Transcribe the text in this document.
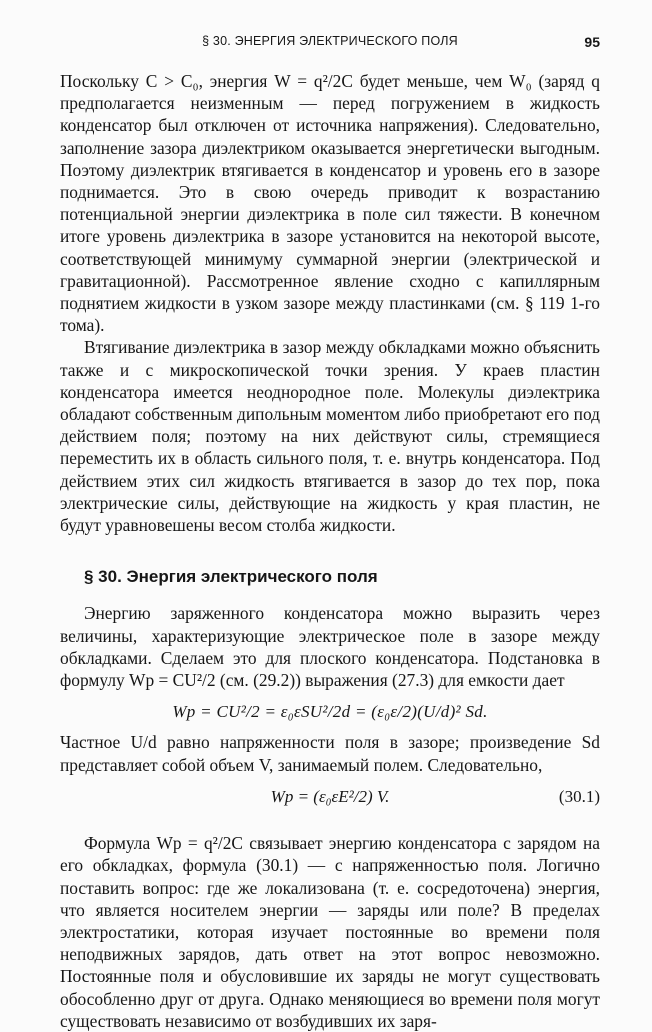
§ 30. ЭНЕРГИЯ ЭЛЕКТРИЧЕСКОГО ПОЛЯ	95

Поскольку C > C₀, энергия W = q²/2C будет меньше, чем W₀ (заряд q предполагается неизменным — перед погружением в жидкость конденсатор был отключен от источника напряжения). Следовательно, заполнение зазора диэлектриком оказывается энергетически выгодным. Поэтому диэлектрик втягивается в конденсатор и уровень его в зазоре поднимается. Это в свою очередь приводит к возрастанию потенциальной энергии диэлектрика в поле сил тяжести. В конечном итоге уровень диэлектрика в зазоре установится на некоторой высоте, соответствующей минимуму суммарной энергии (электрической и гравитационной). Рассмотренное явление сходно с капиллярным поднятием жидкости в узком зазоре между пластинками (см. § 119 1-го тома).

Втягивание диэлектрика в зазор между обкладками можно объяснить также и с микроскопической точки зрения. У краев пластин конденсатора имеется неоднородное поле. Молекулы диэлектрика обладают собственным дипольным моментом либо приобретают его под действием поля; поэтому на них действуют силы, стремящиеся переместить их в область сильного поля, т. е. внутрь конденсатора. Под действием этих сил жидкость втягивается в зазор до тех пор, пока электрические силы, действующие на жидкость у края пластин, не будут уравновешены весом столба жидкости.

§ 30. Энергия электрического поля

Энергию заряженного конденсатора можно выразить через величины, характеризующие электрическое поле в зазоре между обкладками. Сделаем это для плоского конденсатора. Подстановка в формулу Wp = CU²/2 (см. (29.2)) выражения (27.3) для емкости дает

Wp = CU²/2 = ε₀εSU²/2d = (ε₀ε/2)(U/d)² Sd.

Частное U/d равно напряженности поля в зазоре; произведение Sd представляет собой объем V, занимаемый полем. Следовательно,

Wp = (ε₀εE²/2) V.	(30.1)

Формула Wp = q²/2C связывает энергию конденсатора с зарядом на его обкладках, формула (30.1) — с напряженностью поля. Логично поставить вопрос: где же локализована (т. е. сосредоточена) энергия, что является носителем энергии — заряды или поле? В пределах электростатики, которая изучает постоянные во времени поля неподвижных зарядов, дать ответ на этот вопрос невозможно. Постоянные поля и обусловившие их заряды не могут существовать обособленно друг от друга. Однако меняющиеся во времени поля могут существовать независимо от возбудивших их заря-
